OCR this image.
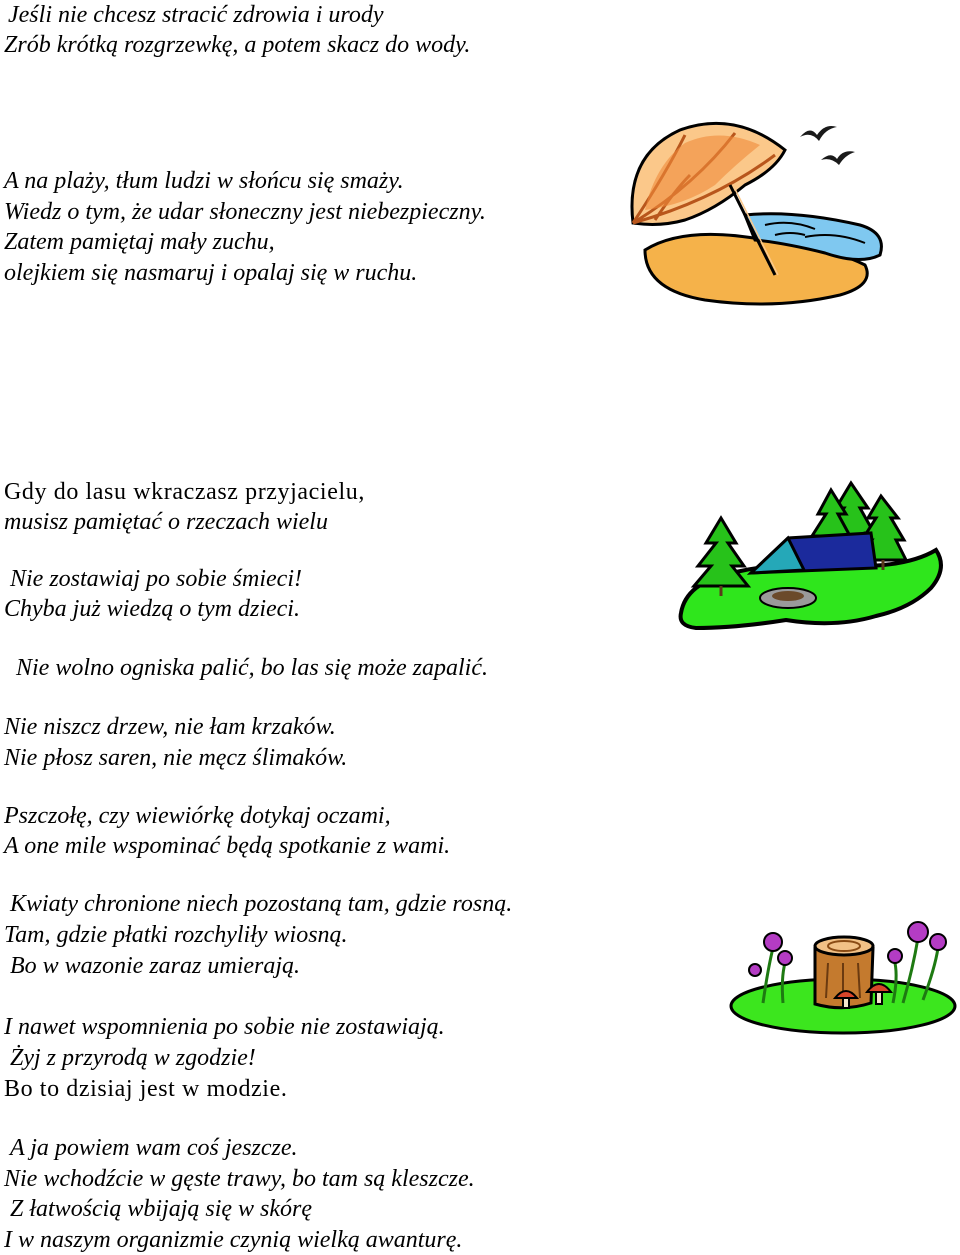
Jeśli nie chcesz stracić zdrowia i urody

Zrób krótką rozgrzewkę, a potem skacz do wody.

A na plaży, tłum ludzi w słońcu się smaży.

Wiedz o tym, że udar słoneczny jest niebezpieczny.

Zatem pamiętaj mały zuchu,

olejkiem się nasmaruj i opalaj się w ruchu.

Gdy do lasu wkraczasz przyjacielu,

musisz pamiętać o rzeczach wielu

Nie zostawiaj po sobie śmieci!

Chyba już wiedzą o tym dzieci.

Nie wolno ogniska palić, bo las się może zapalić.

Nie niszcz drzew, nie łam krzaków.

Nie płosz saren, nie męcz ślimaków.

Pszczołę, czy wiewiórkę dotykaj oczami,

A one mile wspominać będą spotkanie z wami.

Kwiaty chronione niech pozostaną tam, gdzie rosną.

Tam, gdzie płatki rozchyliły wiosną.

Bo w wazonie zaraz umierają.

I nawet wspomnienia po sobie nie zostawiają.

Żyj z przyrodą w zgodzie!

Bo to dzisiaj jest w modzie.

A ja powiem wam coś jeszcze.

Nie wchodźcie w gęste trawy, bo tam są kleszcze.

Z łatwością wbijają się w skórę

I w naszym organizmie czynią wielką awanturę.
